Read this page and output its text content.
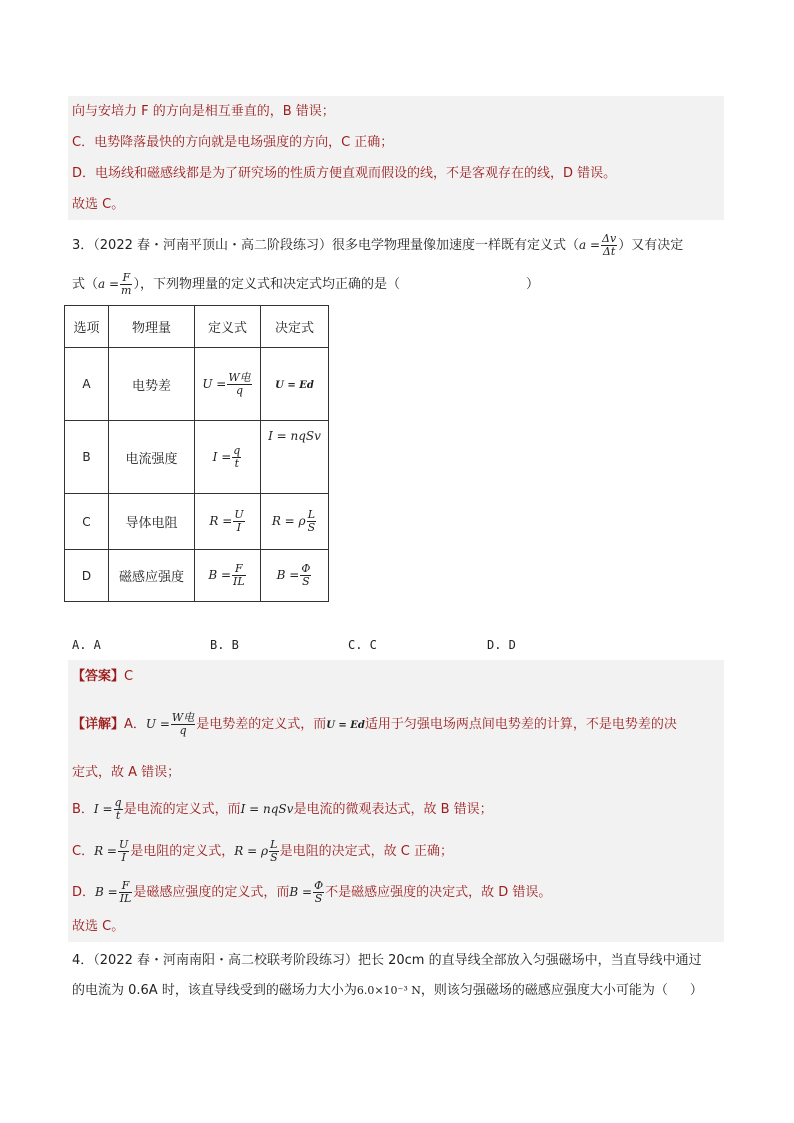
向与安培力 F 的方向是相互垂直的，B 错误；
C．电势降落最快的方向就是电场强度的方向，C 正确；
D．电场线和磁感线都是为了研究场的性质方便直观而假设的线，不是客观存在的线，D 错误。
故选 C。
3．（2022 春・河南平顶山・高二阶段练习）很多电学物理量像加速度一样既有定义式（$a = \frac{\Delta v}{\Delta t}$ ）又有决定
式（$a = \frac{F}{m}$ ），下列物理量的定义式和决定式均正确的是（	）
选项	物理量	定义式	决定式
A	电势差	$U = \frac{\text{W电}}{q}$	U = Ed
B	电流强度	$I = \frac{q}{t}$	I = nqSv
C	导体电阻	$R = \frac{U}{I}$	R = ρ $\frac{L}{S}$

D	磁感应强度	$B = \frac{F}{IL}$	$B = \frac{\Phi}{S}$
A. A	B. B	C. C	D. D
【答案】C
【详解】A．$U = \frac{\text{W电}}{q}$ 是电势差的定义式，而U = Ed适用于匀强电场两点间电势差的计算，不是电势差的决
定式，故 A 错误；
B．$I = \frac{q}{t}$ 是电流的定义式，而I = nqSv是电流的微观表达式，故 B 错误；
C．$R = \frac{U}{I}$ 是电阻的定义式，R = ρ $\frac{L}{S}$ 是电阻的决定式，故 C 正确；
D．$B = \frac{F}{IL}$ 是磁感应强度的定义式，而$B = \frac{\Phi}{S}$ 不是磁感应强度的决定式，故 D 错误。
故选 C。
4．（2022 春・河南南阳・高二校联考阶段练习）把长 20cm 的直导线全部放入匀强磁场中，当直导线中通过
的电流为 0.6A 时，该直导线受到的磁场力大小为6.0×10⁻³ N，则该匀强磁场的磁感应强度大小可能为（ ）
